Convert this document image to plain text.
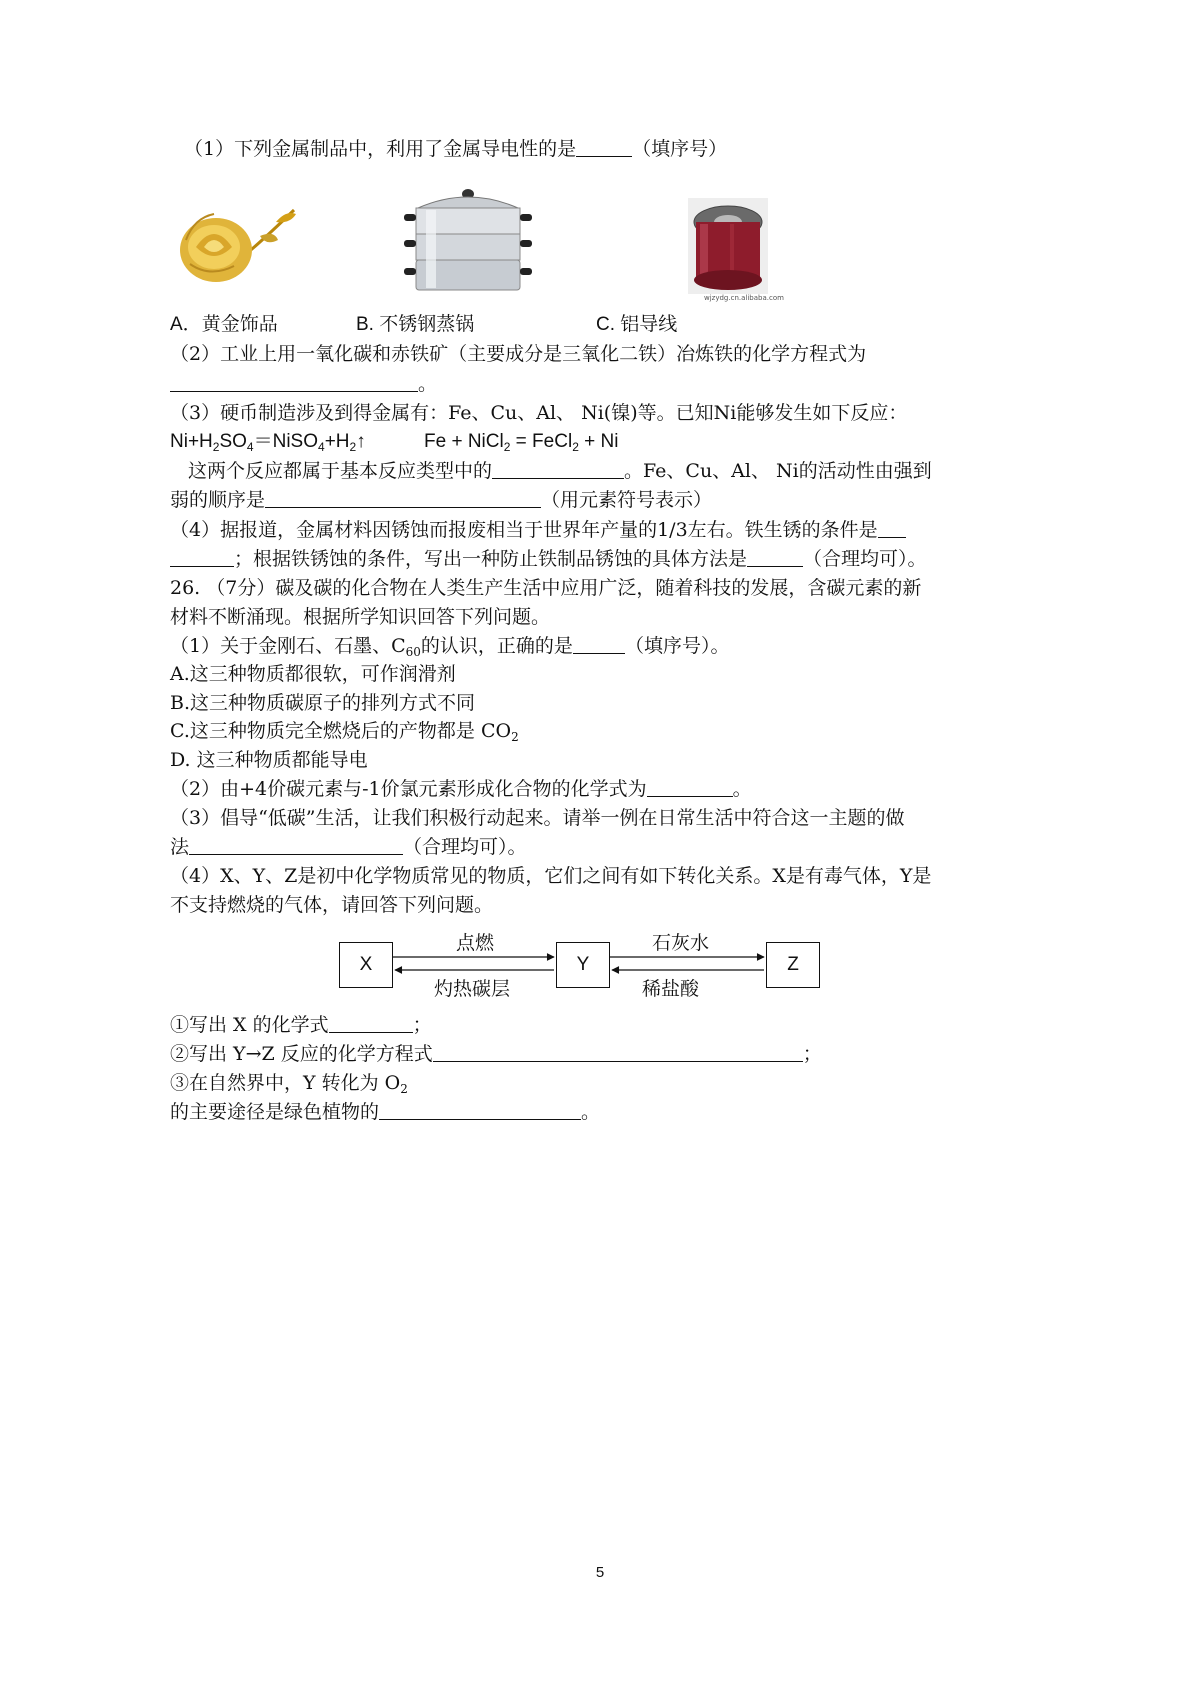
（1）下列金属制品中，利用了金属导电性的是	（填序号）
wjzydg.cn.alibaba.com
A．黄金饰品	B. 不锈钢蒸锅	C. 铝导线
（2）工业上用一氧化碳和赤铁矿（主要成分是三氧化二铁）冶炼铁的化学方程式为
。
（3）硬币制造涉及到得金属有：Fe、Cu、Al、 Ni(镍)等。已知Ni能够发生如下反应：
$Ni+H_2SO_4=NiSO_4+H_2↑$	Fe + NiCl$_2$ = FeCl$_2$ + Ni
这两个反应都属于基本反应类型中的	。Fe、Cu、Al、 Ni的活动性由强到
弱的顺序是	（用元素符号表示）
（4）据报道，金属材料因锈蚀而报废相当于世界年产量的1/3左右。铁生锈的条件是
；根据铁锈蚀的条件，写出一种防止铁制品锈蚀的具体方法是	（合理均可）。
26. （7分）碳及碳的化合物在人类生产生活中应用广泛，随着科技的发展，含碳元素的新
材料不断涌现。根据所学知识回答下列问题。
（1）关于金刚石、石墨、$C_{60}$的认识，正确的是	（填序号）。
A.这三种物质都很软，可作润滑剂
B.这三种物质碳原子的排列方式不同
C.这三种物质完全燃烧后的产物都是 $CO_2$
D. 这三种物质都能导电
（2）由+4价碳元素与-1价氯元素形成化合物的化学式为	。
（3）倡导“低碳”生活，让我们积极行动起来。请举一例在日常生活中符合这一主题的做
法	（合理均可）。
（4）X、Y、Z是初中化学物质常见的物质，它们之间有如下转化关系。X是有毒气体，Y是
不支持燃烧的气体，请回答下列问题。
X	Y	Z
点燃
灼热碳层
石灰水
稀盐酸
①写出 X 的化学式	；
②写出 Y→Z 反应的化学方程式	；
③在自然界中，Y 转化为 $O_2$
的主要途径是绿色植物的	。
5
